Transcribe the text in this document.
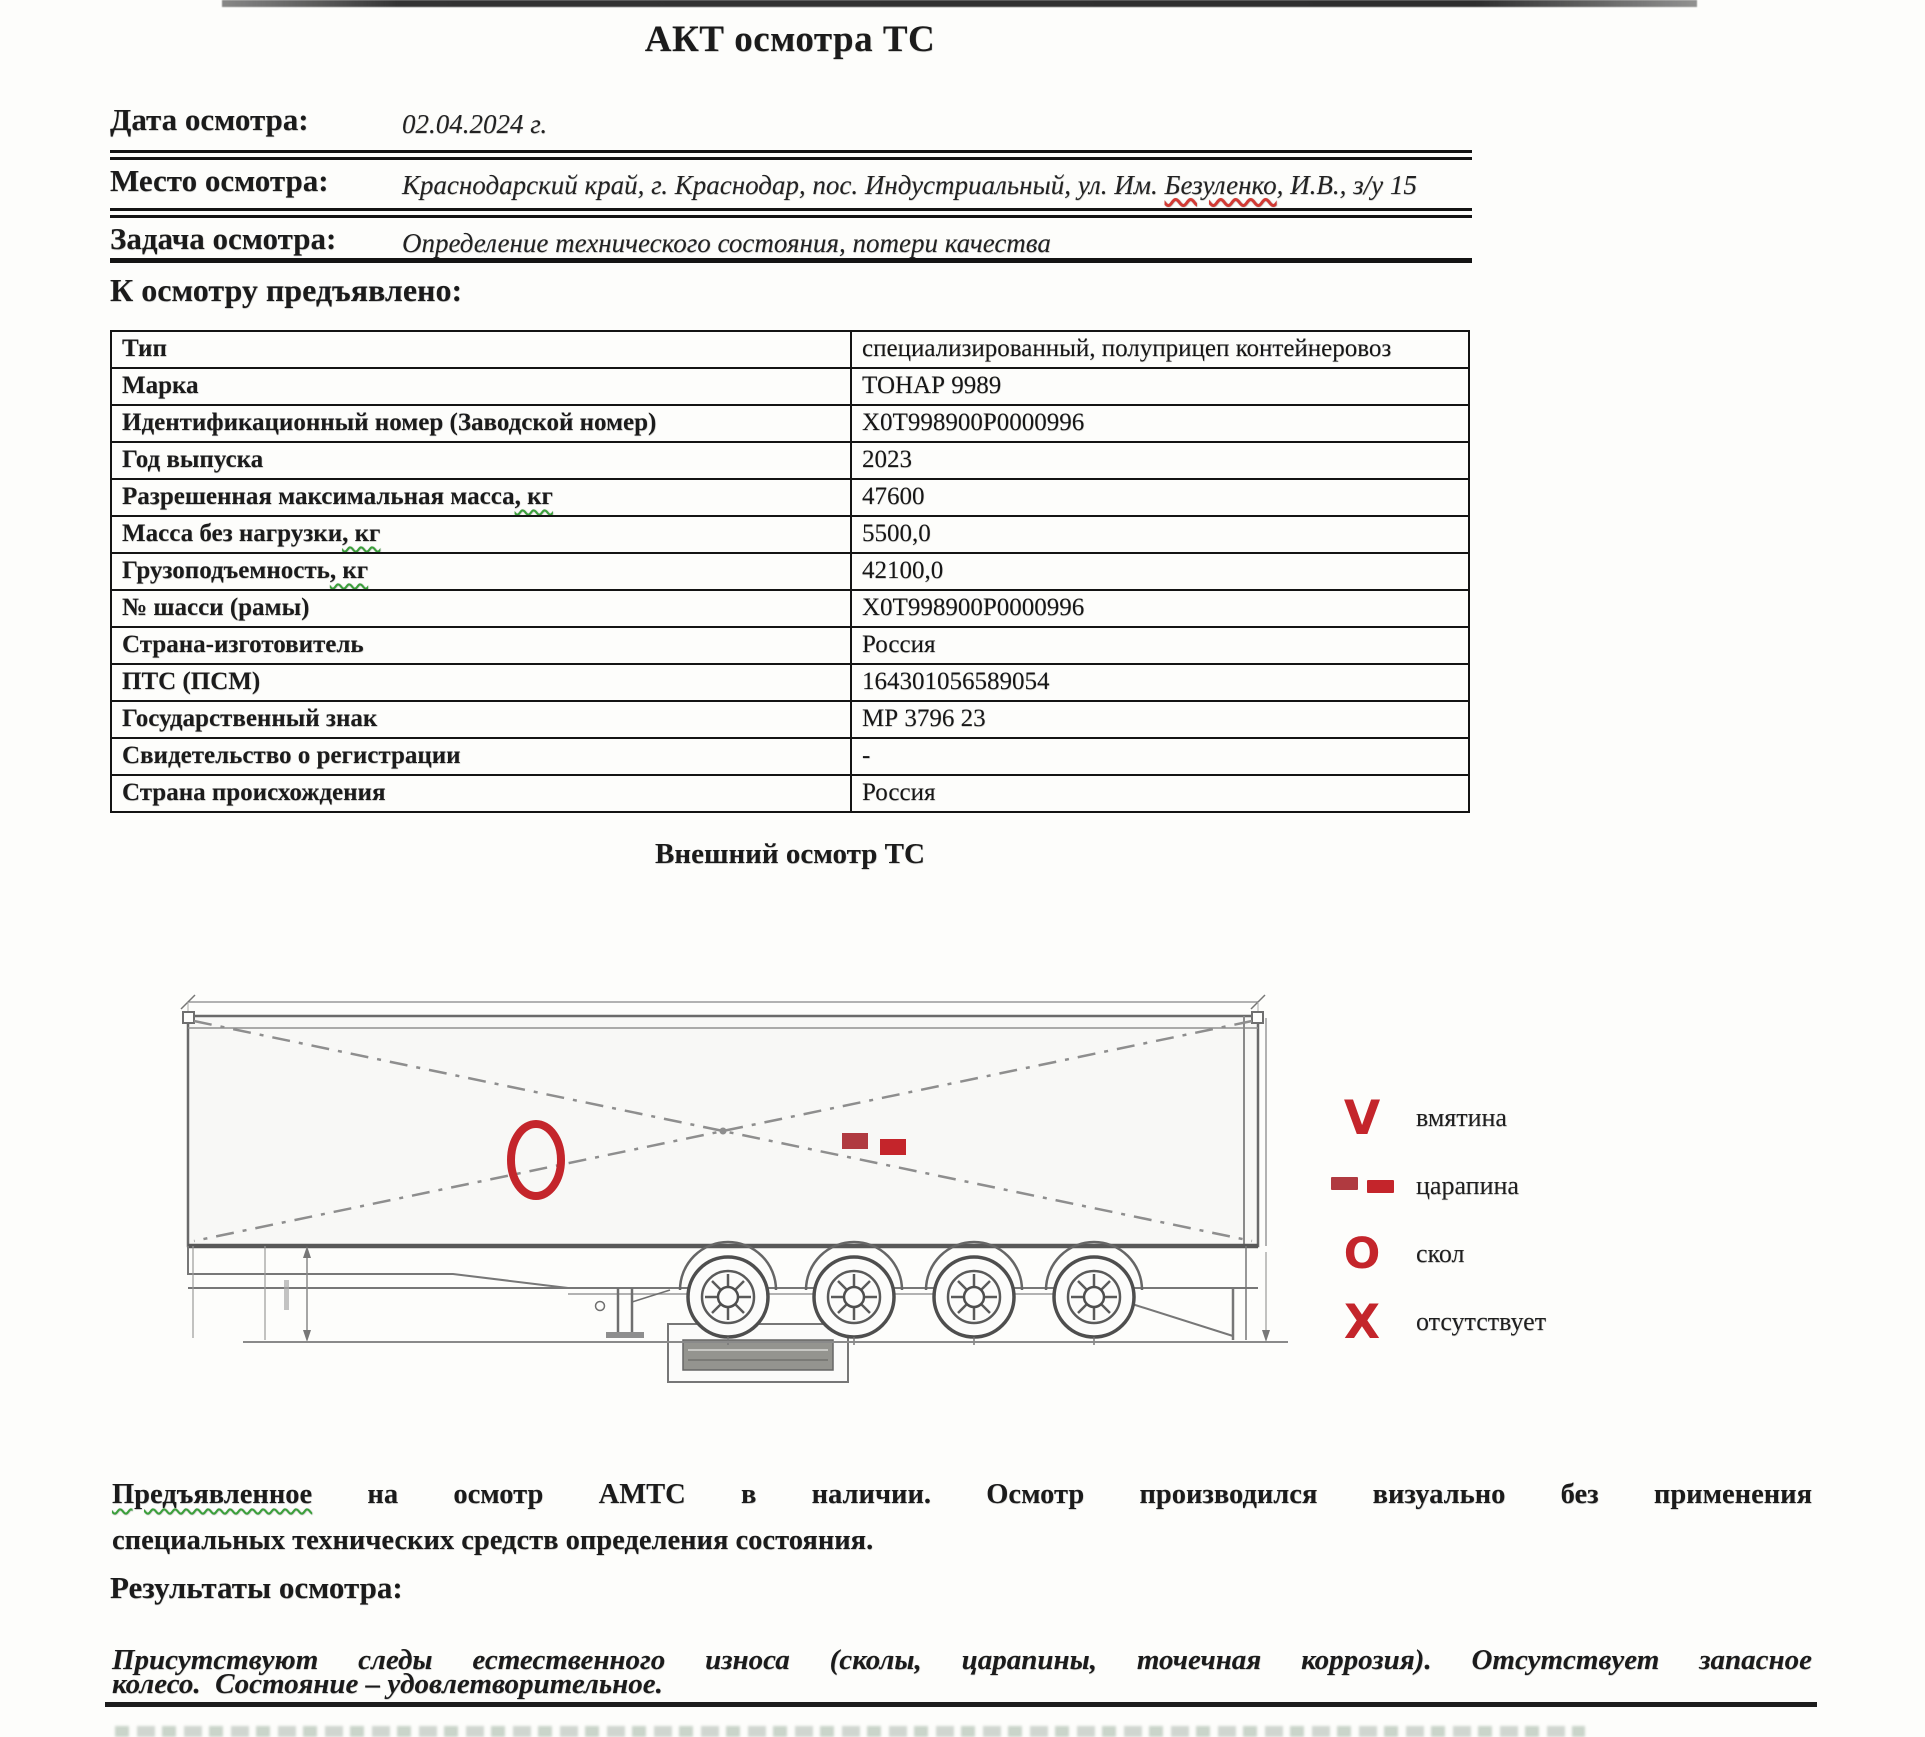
АКТ осмотра ТС
Дата осмотра:	02.04.2024 г.
Место осмотра:	Краснодарский край, г. Краснодар, пос. Индустриальный, ул. Им. Безуленко, И.В., з/у 15
Задача осмотра:	Определение технического состояния, потери качества
К осмотру предъявлено:
Тип	специализированный, полуприцеп контейнеровоз
Марка	ТОНАР 9989
Идентификационный номер (Заводской номер)	X0T998900P0000996
Год выпуска	2023
Разрешенная максимальная масса, кг	47600
Масса без нагрузки, кг	5500,0
Грузоподъемность, кг	42100,0
№ шасси (рамы)	X0T998900P0000996
Страна-изготовитель	Россия
ПТС (ПСМ)	164301056589054
Государственный знак	МР 3796 23
Свидетельство о регистрации	-
Страна происхождения	Россия
Внешний осмотр ТС
V	вмятина
царапина
O	скол
X	отсутствует
Предъявленное на осмотр АМТС в наличии. Осмотр производился визуально без применения
специальных технических средств определения состояния.
Результаты осмотра:
Присутствуют следы естественного износа (сколы, царапины, точечная коррозия). Отсутствует запасное
колесо.  Состояние – удовлетворительное.
